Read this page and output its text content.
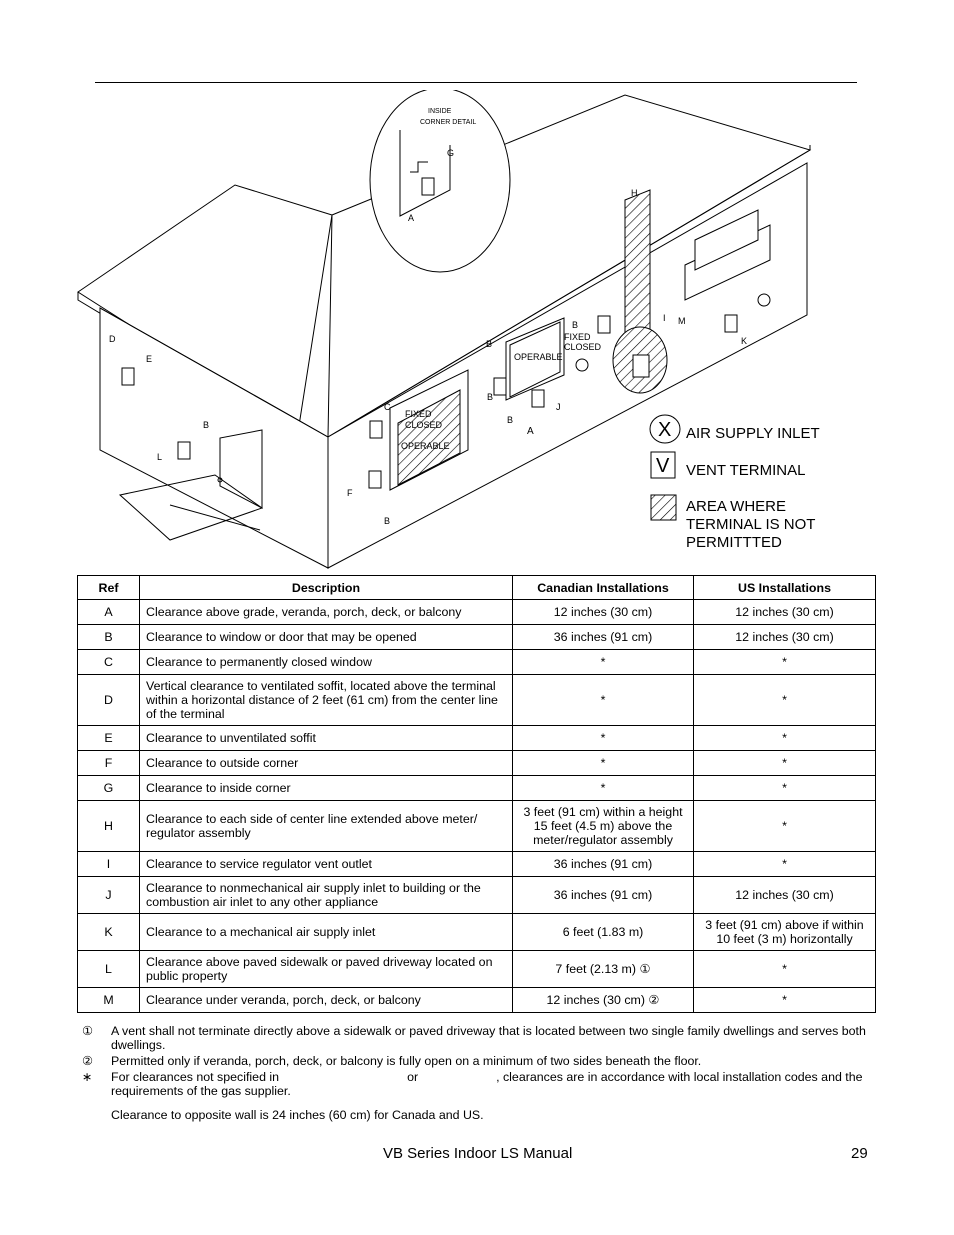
INSIDE
CORNER DETAIL
G
A
H
D
E
B
L
C
FIXED
CLOSED
OPERABLE
F
B
B
OPERABLE
B
FIXED
CLOSED
B
B
A
J
I M
K
X
V
AIR SUPPLY INLET
VENT TERMINAL
AREA WHERE
TERMINAL IS NOT
PERMITTTED
Ref	Description	Canadian Installations	US Installations
A	Clearance above grade, veranda, porch, deck, or balcony	12 inches (30 cm)	12 inches (30 cm)
B	Clearance to window or door that may be opened	36 inches (91 cm)	12 inches (30 cm)
C	Clearance to permanently closed window	*	*
D	Vertical clearance to ventilated soffit, located above the terminal within a horizontal distance of 2 feet (61 cm) from the center line of the terminal	*	*
E	Clearance to unventilated soffit	*	*
F	Clearance to outside corner	*	*
G	Clearance to inside corner	*	*
H	Clearance to each side of center line extended above meter/ regulator assembly	3 feet (91 cm) within a height 15 feet (4.5 m) above the meter/regulator assembly	*
I	Clearance to service regulator vent outlet	36 inches (91 cm)	*
J	Clearance to nonmechanical air supply inlet to building or the combustion air inlet to any other appliance	36 inches (91 cm)	12 inches (30 cm)
K	Clearance to a mechanical air supply inlet	6 feet (1.83 m)	3 feet (91 cm) above if within 10 feet (3 m) horizontally
L	Clearance above paved sidewalk or paved driveway located on public property	7 feet (2.13 m) ①	*
M	Clearance under veranda, porch, deck, or balcony	12 inches (30 cm) ②	*
①	A vent shall not terminate directly above a sidewalk or paved driveway that is located between two single family dwellings and serves both dwellings.
②	Permitted only if veranda, porch, deck, or balcony is fully open on a minimum of two sides beneath the floor.
∗	For clearances not specified in	or	, clearances are in accordance with local installation codes and the requirements of the gas supplier.
Clearance to opposite wall is 24 inches (60 cm) for Canada and US.
VB Series Indoor LS Manual	29
